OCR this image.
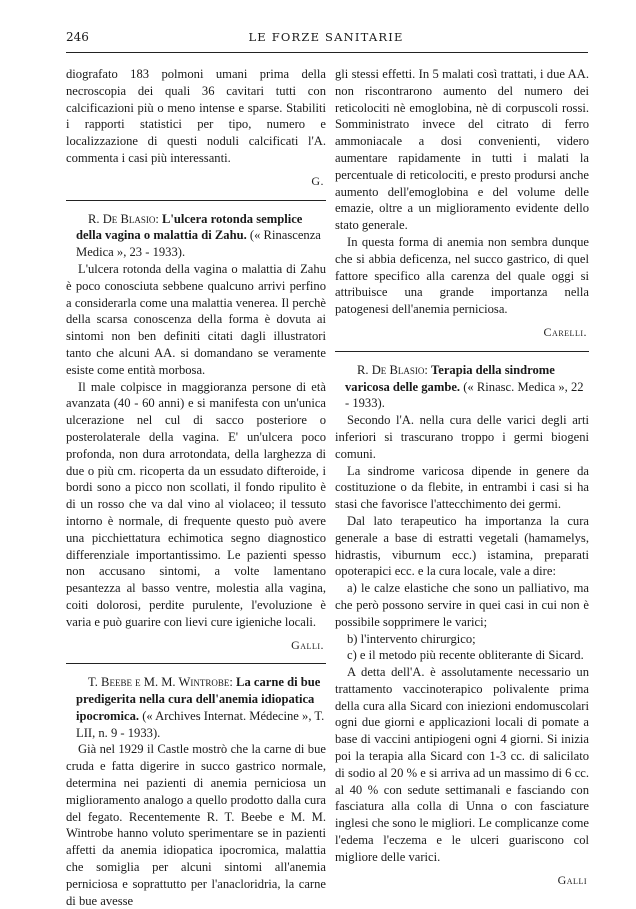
246	LE FORZE SANITARIE

diografato 183 polmoni umani prima della necroscopia dei quali 36 cavitari tutti con calcificazioni più o meno intense e sparse. Stabiliti i rapporti statistici per tipo, numero e localizzazione di questi noduli calcificati l'A. commenta i casi più interessanti.

G.

R. De Blasio: L'ulcera rotonda semplice della vagina o malattia di Zahu. (« Rinascenza Medica », 23 - 1933).

L'ulcera rotonda della vagina o malattia di Zahu è poco conosciuta sebbene qualcuno arrivi perfino a considerarla come una malattia venerea. Il perchè della scarsa conoscenza della forma è dovuta ai sintomi non ben definiti citati dagli illustratori tanto che alcuni AA. si domandano se veramente esiste come entità morbosa.

Il male colpisce in maggioranza persone di età avanzata (40 - 60 anni) e si manifesta con un'unica ulcerazione nel cul di sacco posteriore o posterolaterale della vagina. E' un'ulcera poco profonda, non dura arrotondata, della larghezza di due o più cm. ricoperta da un essudato difteroide, i bordi sono a picco non scollati, il fondo ripulito è di un rosso che va dal vino al violaceo; il tessuto intorno è normale, di frequente questo può avere una picchiettatura echimotica segno diagnostico differenziale importantissimo. Le pazienti spesso non accusano sintomi, a volte lamentano pesantezza al basso ventre, molestia alla vagina, coiti dolorosi, perdite purulente, l'evoluzione è varia e può guarire con lievi cure igieniche locali.

Galli.

T. Beebe e M. M. Wintrobe: La carne di bue predigerita nella cura dell'anemia idiopatica ipocromica. (« Archives Internat. Médecine », T. LII, n. 9 - 1933).

Già nel 1929 il Castle mostrò che la carne di bue cruda e fatta digerire in succo gastrico normale, determina nei pazienti di anemia perniciosa un miglioramento analogo a quello prodotto dalla cura del fegato. Recentemente R. T. Beebe e M. M. Wintrobe hanno voluto sperimentare se in pazienti affetti da anemia idiopatica ipocromica, malattia che somiglia per alcuni sintomi all'anemia perniciosa e soprattutto per l'anacloridria, la carne di bue avesse

gli stessi effetti. In 5 malati così trattati, i due AA. non riscontrarono aumento del numero dei reticolociti nè emoglobina, nè di corpuscoli rossi. Somministrato invece del citrato di ferro ammoniacale a dosi convenienti, videro aumentare rapidamente in tutti i malati la percentuale di reticolociti, e presto prodursi anche aumento dell'emoglobina e del volume delle emazie, oltre a un miglioramento evidente dello stato generale.

In questa forma di anemia non sembra dunque che si abbia deficenza, nel succo gastrico, di quel fattore specifico alla carenza del quale oggi si attribuisce una grande importanza nella patogenesi dell'anemia perniciosa.

Carelli.

R. De Blasio: Terapia della sindrome varicosa delle gambe. (« Rinasc. Medica », 22 - 1933).

Secondo l'A. nella cura delle varici degli arti inferiori si trascurano troppo i germi biogeni comuni.

La sindrome varicosa dipende in genere da costituzione o da flebite, in entrambi i casi si ha stasi che favorisce l'attecchimento dei germi.

Dal lato terapeutico ha importanza la cura generale a base di estratti vegetali (hamamelys, hidrastis, viburnum ecc.) istamina, preparati opoterapici ecc. e la cura locale, vale a dire:

a) le calze elastiche che sono un palliativo, ma che però possono servire in quei casi in cui non è possibile sopprimere le varici;

b) l'intervento chirurgico;

c) e il metodo più recente obliterante di Sicard.

A detta dell'A. è assolutamente necessario un trattamento vaccinoterapico polivalente prima della cura alla Sicard con iniezioni endomuscolari ogni due giorni e applicazioni locali di pomate a base di vaccini antipiogeni ogni 4 giorni. Si inizia poi la terapia alla Sicard con 1-3 cc. di salicilato di sodio al 20 % e si arriva ad un massimo di 6 cc. al 40 % con sedute settimanali e fasciando con fasciatura alla colla di Unna o con fasciature inglesi che sono le migliori. Le complicanze come l'edema l'eczema e le ulceri guariscono col migliore delle varici.

Galli
